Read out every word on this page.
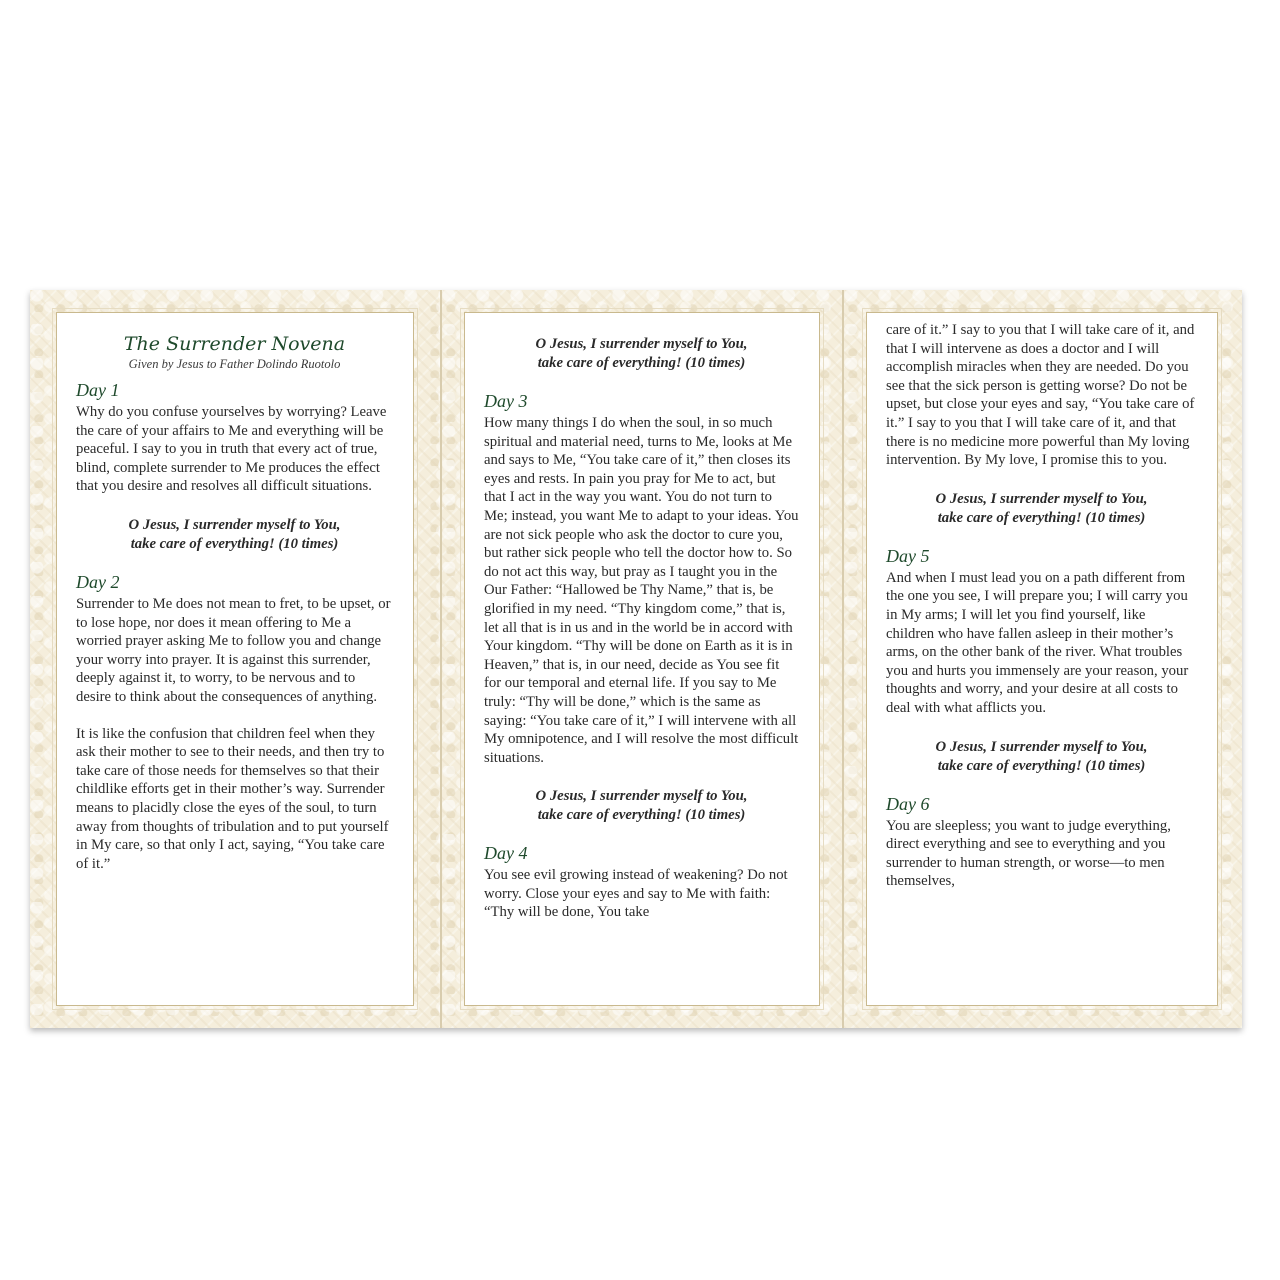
The Surrender Novena
Given by Jesus to Father Dolindo Ruotolo
Day 1

Why do you confuse yourselves by worrying? Leave the care of your affairs to Me and everything will be peaceful. I say to you in truth that every act of true, blind, complete surrender to Me produces the effect that you desire and resolves all difficult situations.

O Jesus, I surrender myself to You,
take care of everything! (10 times)
Day 2

Surrender to Me does not mean to fret, to be upset, or to lose hope, nor does it mean offering to Me a worried prayer asking Me to follow you and change your worry into prayer. It is against this surrender, deeply against it, to worry, to be nervous and to desire to think about the consequences of anything.

It is like the confusion that children feel when they ask their mother to see to their needs, and then try to take care of those needs for themselves so that their childlike efforts get in their mother’s way. Surrender means to placidly close the eyes of the soul, to turn away from thoughts of tribulation and to put yourself in My care, so that only I act, saying, “You take care of it.”

O Jesus, I surrender myself to You,
take care of everything! (10 times)
Day 3

How many things I do when the soul, in so much spiritual and material need, turns to Me, looks at Me and says to Me, “You take care of it,” then closes its eyes and rests. In pain you pray for Me to act, but that I act in the way you want. You do not turn to Me; instead, you want Me to adapt to your ideas. You are not sick people who ask the doctor to cure you, but rather sick people who tell the doctor how to. So do not act this way, but pray as I taught you in the Our Father: “Hallowed be Thy Name,” that is, be glorified in my need. “Thy kingdom come,” that is, let all that is in us and in the world be in accord with Your kingdom. “Thy will be done on Earth as it is in Heaven,” that is, in our need, decide as You see fit for our temporal and eternal life. If you say to Me truly: “Thy will be done,” which is the same as saying: “You take care of it,” I will intervene with all My omnipotence, and I will resolve the most difficult situations.

O Jesus, I surrender myself to You,
take care of everything! (10 times)
Day 4

You see evil growing instead of weakening? Do not worry. Close your eyes and say to Me with faith: “Thy will be done, You take

care of it.” I say to you that I will take care of it, and that I will intervene as does a doctor and I will accomplish miracles when they are needed. Do you see that the sick person is getting worse? Do not be upset, but close your eyes and say, “You take care of it.” I say to you that I will take care of it, and that there is no medicine more powerful than My loving intervention. By My love, I promise this to you.

O Jesus, I surrender myself to You,
take care of everything! (10 times)
Day 5

And when I must lead you on a path different from the one you see, I will prepare you; I will carry you in My arms; I will let you find yourself, like children who have fallen asleep in their mother’s arms, on the other bank of the river. What troubles you and hurts you immensely are your reason, your thoughts and worry, and your desire at all costs to deal with what afflicts you.

O Jesus, I surrender myself to You,
take care of everything! (10 times)
Day 6

You are sleepless; you want to judge everything, direct everything and see to everything and you surrender to human strength, or worse—to men themselves,
